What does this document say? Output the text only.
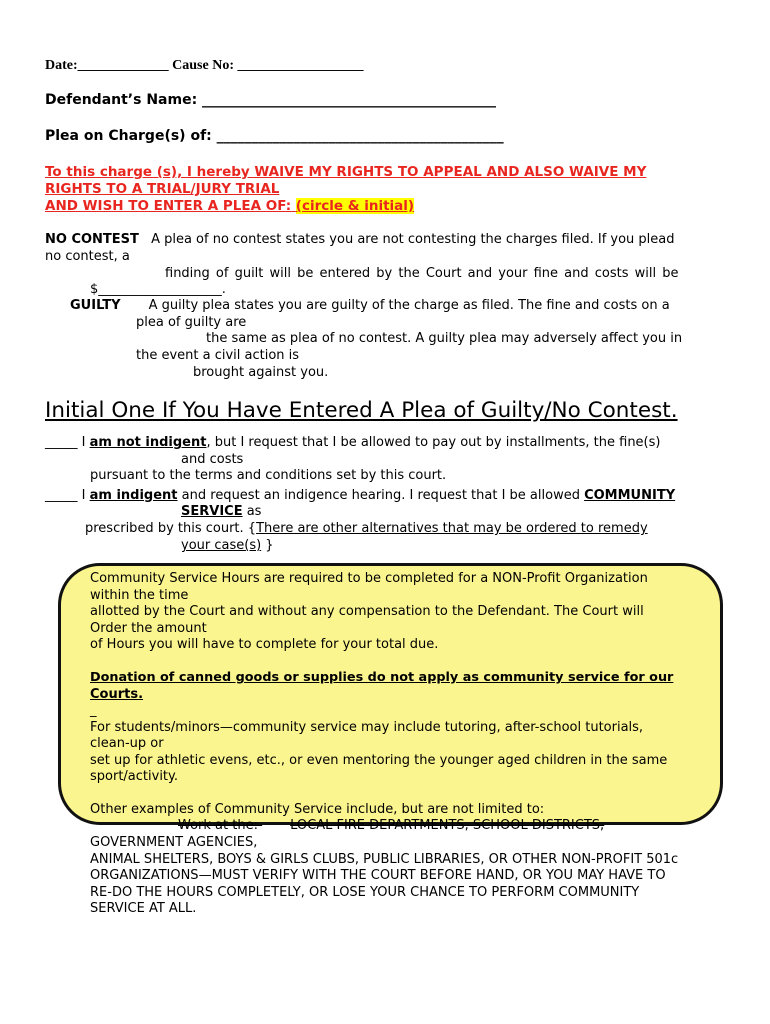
Date:_____________ Cause No: __________________
Defendant’s Name: __________________________________________
Plea on Charge(s) of: _________________________________________
To this charge (s), I hereby WAIVE MY RIGHTS TO APPEAL AND ALSO WAIVE MY
RIGHTS TO A TRIAL/JURY TRIAL
AND WISH TO ENTER A PLEA OF: (circle & initial)
NO CONTEST A plea of no contest states you are not contesting the charges filed. If you plead
no contest, a
finding of guilt will be entered by the Court and your fine and costs will be
$___________________.
GUILTY A guilty plea states you are guilty of the charge as filed. The fine and costs on a
plea of guilty are
the same as plea of no contest. A guilty plea may adversely affect you in
the event a civil action is
brought against you.
Initial One If You Have Entered A Plea of Guilty/No Contest.
_____ I am not indigent, but I request that I be allowed to pay out by installments, the fine(s)
and costs
pursuant to the terms and conditions set by this court.
_____ I am indigent and request an indigence hearing. I request that I be allowed COMMUNITY
SERVICE as
prescribed by this court. {There are other alternatives that may be ordered to remedy
your case(s) }
Community Service Hours are required to be completed for a NON-Profit Organization
within the time
allotted by the Court and without any compensation to the Defendant. The Court will
Order the amount
of Hours you will have to complete for your total due.
Donation of canned goods or supplies do not apply as community service for our
Courts.
_
For students/minors—community service may include tutoring, after-school tutorials,
clean-up or
set up for athletic evens, etc., or even mentoring the younger aged children in the same
sport/activity.
Other examples of Community Service include, but are not limited to:
Work at the: LOCAL FIRE DEPARTMENTS, SCHOOL DISTRICTS,
GOVERNMENT AGENCIES,
ANIMAL SHELTERS, BOYS & GIRLS CLUBS, PUBLIC LIBRARIES, OR OTHER NON-PROFIT 501c
ORGANIZATIONS—MUST VERIFY WITH THE COURT BEFORE HAND, OR YOU MAY HAVE TO
RE-DO THE HOURS COMPLETELY, OR LOSE YOUR CHANCE TO PERFORM COMMUNITY
SERVICE AT ALL.
